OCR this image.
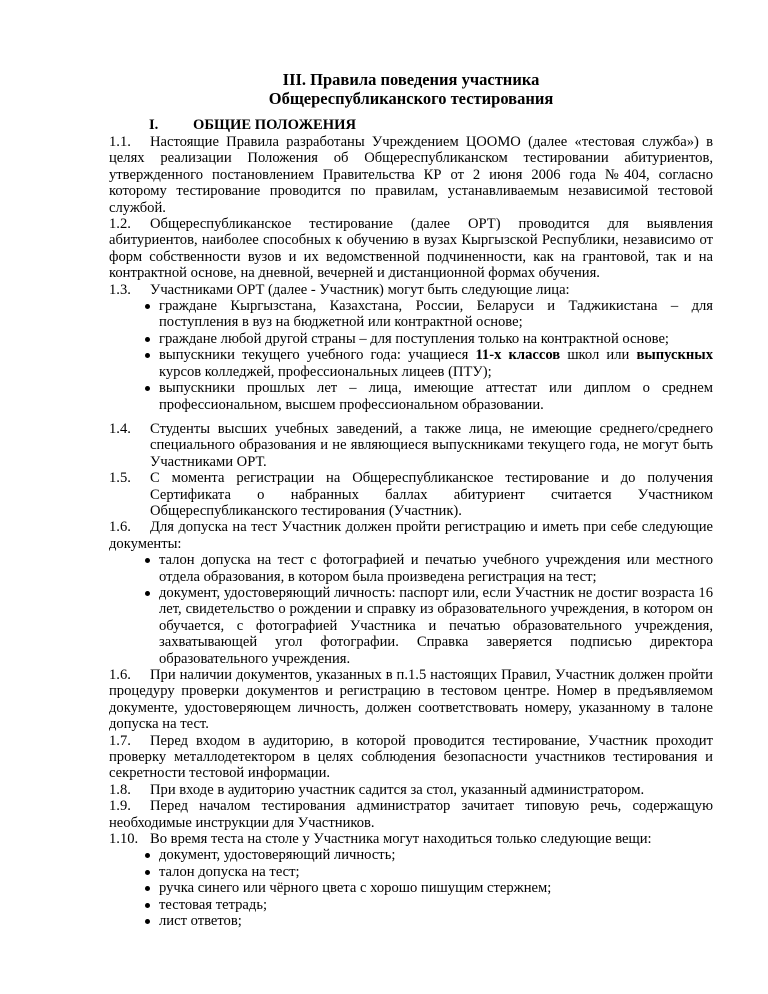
III. Правила поведения участника
Общереспубликанского тестирования
I. ОБЩИЕ ПОЛОЖЕНИЯ
1.1. Настоящие Правила разработаны Учреждением ЦООМО (далее «тестовая служба») в целях реализации Положения об Общереспубликанском тестировании абитуриентов, утвержденного постановлением Правительства КР от 2 июня 2006 года №404, согласно которому тестирование проводится по правилам, устанавливаемым независимой тестовой службой.
1.2. Общереспубликанское тестирование (далее ОРТ) проводится для выявления абитуриентов, наиболее способных к обучению в вузах Кыргызской Республики, независимо от форм собственности вузов и их ведомственной подчиненности, как на грантовой, так и на контрактной основе, на дневной, вечерней и дистанционной формах обучения.
1.3. Участниками ОРТ (далее - Участник) могут быть следующие лица:
граждане Кыргызстана, Казахстана, России, Беларуси и Таджикистана – для поступления в вуз на бюджетной или контрактной основе;
граждане любой другой страны – для поступления только на контрактной основе;
выпускники текущего учебного года: учащиеся 11-х классов школ или выпускных курсов колледжей, профессиональных лицеев (ПТУ);
выпускники прошлых лет – лица, имеющие аттестат или диплом о среднем профессиональном, высшем профессиональном образовании.
1.4. Студенты высших учебных заведений, а также лица, не имеющие среднего/среднего специального образования и не являющиеся выпускниками текущего года, не могут быть Участниками ОРТ.
1.5. С момента регистрации на Общереспубликанское тестирование и до получения Сертификата о набранных баллах абитуриент считается Участником Общереспубликанского тестирования (Участник).
1.6. Для допуска на тест Участник должен пройти регистрацию и иметь при себе следующие документы:
талон допуска на тест с фотографией и печатью учебного учреждения или местного отдела образования, в котором была произведена регистрация на тест;
документ, удостоверяющий личность: паспорт или, если Участник не достиг возраста 16 лет, свидетельство о рождении и справку из образовательного учреждения, в котором он обучается, с фотографией Участника и печатью образовательного учреждения, захватывающей угол фотографии. Справка заверяется подписью директора образовательного учреждения.
1.6. При наличии документов, указанных в п.1.5 настоящих Правил, Участник должен пройти процедуру проверки документов и регистрацию в тестовом центре. Номер в предъявляемом документе, удостоверяющем личность, должен соответствовать номеру, указанному в талоне допуска на тест.
1.7. Перед входом в аудиторию, в которой проводится тестирование, Участник проходит проверку металлодетектором в целях соблюдения безопасности участников тестирования и секретности тестовой информации.
1.8. При входе в аудиторию участник садится за стол, указанный администратором.
1.9. Перед началом тестирования администратор зачитает типовую речь, содержащую необходимые инструкции для Участников.
1.10. Во время теста на столе у Участника могут находиться только следующие вещи:
документ, удостоверяющий личность;
талон допуска на тест;
ручка синего или чёрного цвета с хорошо пишущим стержнем;
тестовая тетрадь;
лист ответов;
